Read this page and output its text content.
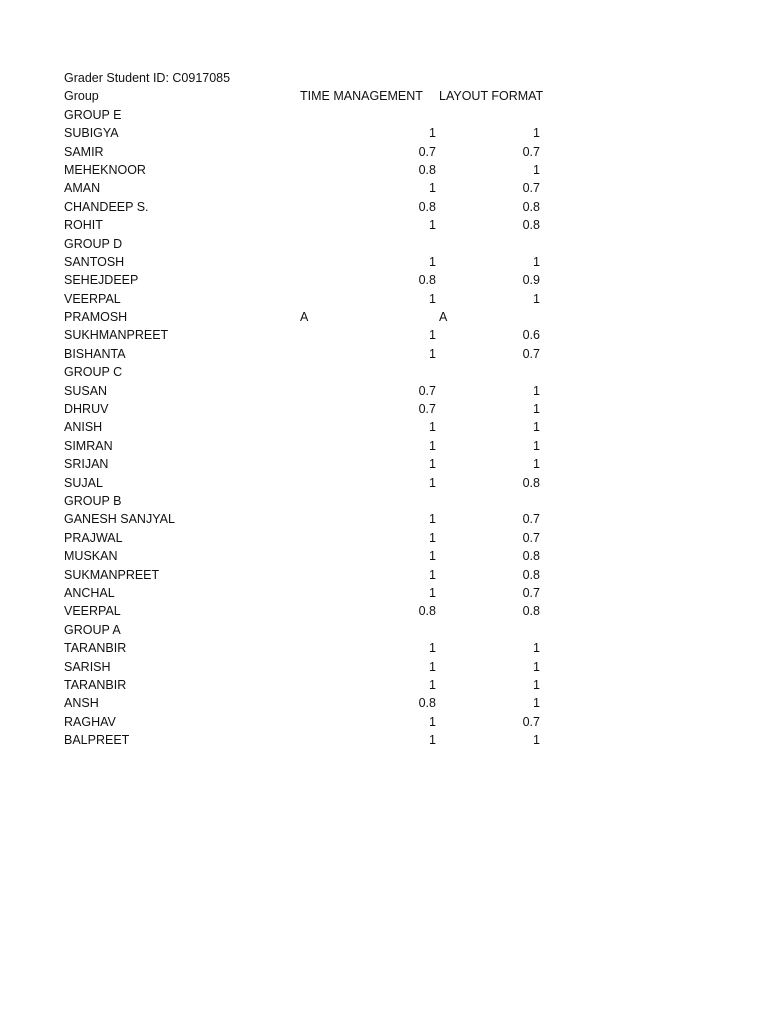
Grader Student ID: C0917085
Group	TIME MANAGEMENT LAYOUT FORMAT
GROUP E
SUBIGYA	1	1
SAMIR	0.7	0.7
MEHEKNOOR	0.8	1
AMAN	1	0.7
CHANDEEP S.	0.8	0.8
ROHIT	1	0.8
GROUP D
SANTOSH	1	1
SEHEJDEEP	0.8	0.9
VEERPAL	1	1
PRAMOSH	A	A
SUKHMANPREET	1	0.6
BISHANTA	1	0.7
GROUP C
SUSAN	0.7	1
DHRUV	0.7	1
ANISH	1	1
SIMRAN	1	1
SRIJAN	1	1
SUJAL	1	0.8
GROUP B
GANESH SANJYAL	1	0.7
PRAJWAL	1	0.7
MUSKAN	1	0.8
SUKMANPREET	1	0.8
ANCHAL	1	0.7
VEERPAL	0.8	0.8
GROUP A
TARANBIR	1	1
SARISH	1	1
TARANBIR	1	1
ANSH	0.8	1
RAGHAV	1	0.7
BALPREET	1	1
